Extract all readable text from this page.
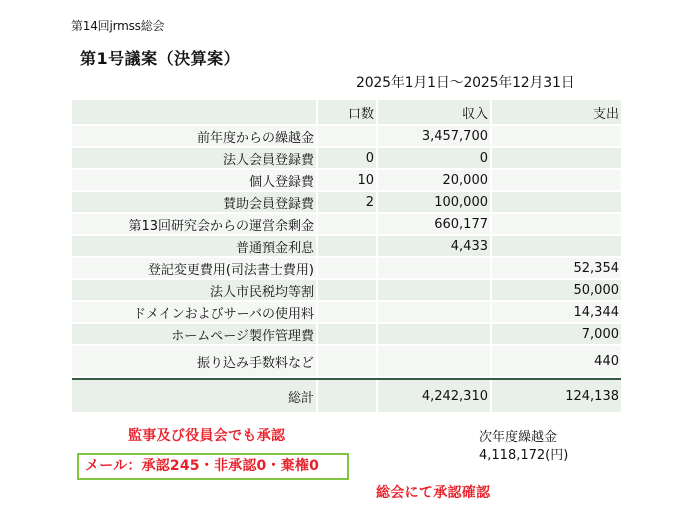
第14回jrmss総会
第1号議案（決算案）
2025年1月1日～2025年12月31日
	口数	収入	支出
前年度からの繰越金		3,457,700	
法人会員登録費	0	0	
個人登録費	10	20,000	
賛助会員登録費	2	100,000	
第13回研究会からの運営余剰金		660,177	
普通預金利息		4,433	
登記変更費用(司法書士費用)			52,354
法人市民税均等割			50,000
ドメインおよびサーバの使用料			14,344
ホームページ製作管理費			7,000
振り込み手数料など			440

総計		4,242,310	124,138
監事及び役員会でも承認
メール：承認245・非承認0・棄権0
次年度繰越金
4,118,172(円)
総会にて承認確認
